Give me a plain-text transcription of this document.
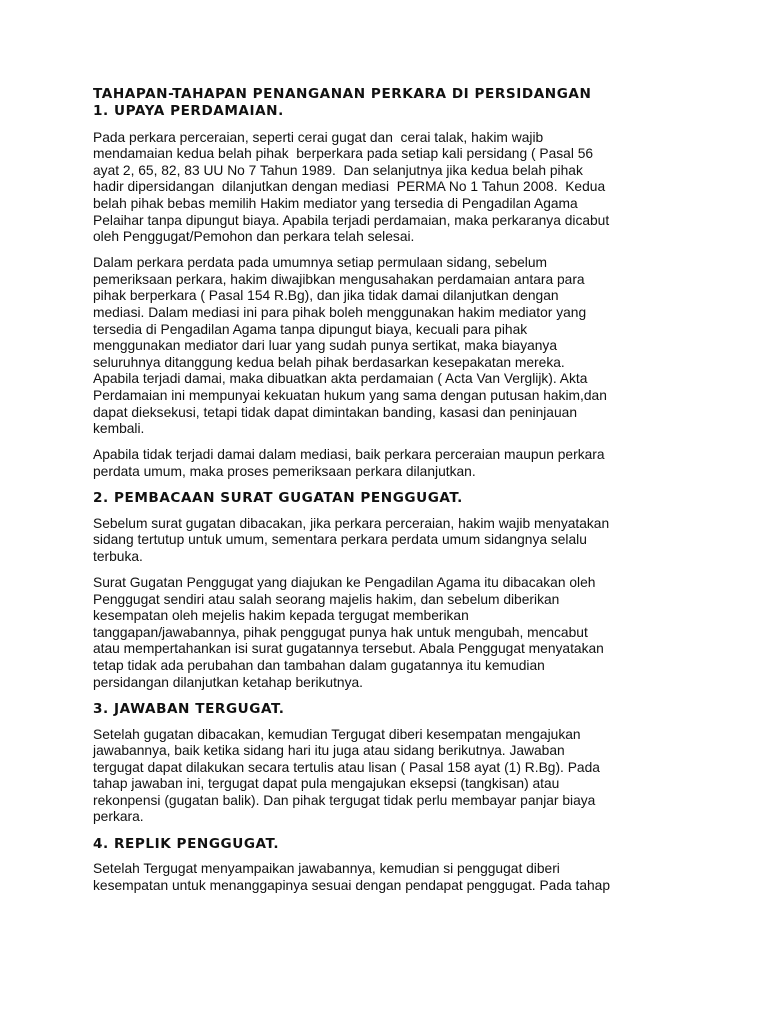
TAHAPAN-TAHAPAN PENANGANAN PERKARA DI PERSIDANGAN
1. UPAYA PERDAMAIAN.

Pada perkara perceraian, seperti cerai gugat dan  cerai talak, hakim wajib
mendamaian kedua belah pihak  berperkara pada setiap kali persidang ( Pasal 56
ayat 2, 65, 82, 83 UU No 7 Tahun 1989.  Dan selanjutnya jika kedua belah pihak
hadir dipersidangan  dilanjutkan dengan mediasi  PERMA No 1 Tahun 2008.  Kedua
belah pihak bebas memilih Hakim mediator yang tersedia di Pengadilan Agama
Pelaihar tanpa dipungut biaya. Apabila terjadi perdamaian, maka perkaranya dicabut
oleh Penggugat/Pemohon dan perkara telah selesai.

Dalam perkara perdata pada umumnya setiap permulaan sidang, sebelum
pemeriksaan perkara, hakim diwajibkan mengusahakan perdamaian antara para
pihak berperkara ( Pasal 154 R.Bg), dan jika tidak damai dilanjutkan dengan
mediasi. Dalam mediasi ini para pihak boleh menggunakan hakim mediator yang
tersedia di Pengadilan Agama tanpa dipungut biaya, kecuali para pihak
menggunakan mediator dari luar yang sudah punya sertikat, maka biayanya
seluruhnya ditanggung kedua belah pihak berdasarkan kesepakatan mereka.
Apabila terjadi damai, maka dibuatkan akta perdamaian ( Acta Van Verglijk). Akta
Perdamaian ini mempunyai kekuatan hukum yang sama dengan putusan hakim,dan
dapat dieksekusi, tetapi tidak dapat dimintakan banding, kasasi dan peninjauan
kembali.

Apabila tidak terjadi damai dalam mediasi, baik perkara perceraian maupun perkara
perdata umum, maka proses pemeriksaan perkara dilanjutkan.

2. PEMBACAAN SURAT GUGATAN PENGGUGAT.

Sebelum surat gugatan dibacakan, jika perkara perceraian, hakim wajib menyatakan
sidang tertutup untuk umum, sementara perkara perdata umum sidangnya selalu
terbuka.

Surat Gugatan Penggugat yang diajukan ke Pengadilan Agama itu dibacakan oleh
Penggugat sendiri atau salah seorang majelis hakim, dan sebelum diberikan
kesempatan oleh mejelis hakim kepada tergugat memberikan
tanggapan/jawabannya, pihak penggugat punya hak untuk mengubah, mencabut
atau mempertahankan isi surat gugatannya tersebut. Abala Penggugat menyatakan
tetap tidak ada perubahan dan tambahan dalam gugatannya itu kemudian
persidangan dilanjutkan ketahap berikutnya.

3. JAWABAN TERGUGAT.

Setelah gugatan dibacakan, kemudian Tergugat diberi kesempatan mengajukan
jawabannya, baik ketika sidang hari itu juga atau sidang berikutnya. Jawaban
tergugat dapat dilakukan secara tertulis atau lisan ( Pasal 158 ayat (1) R.Bg). Pada
tahap jawaban ini, tergugat dapat pula mengajukan eksepsi (tangkisan) atau
rekonpensi (gugatan balik). Dan pihak tergugat tidak perlu membayar panjar biaya
perkara.

4. REPLIK PENGGUGAT.

Setelah Tergugat menyampaikan jawabannya, kemudian si penggugat diberi
kesempatan untuk menanggapinya sesuai dengan pendapat penggugat. Pada tahap
